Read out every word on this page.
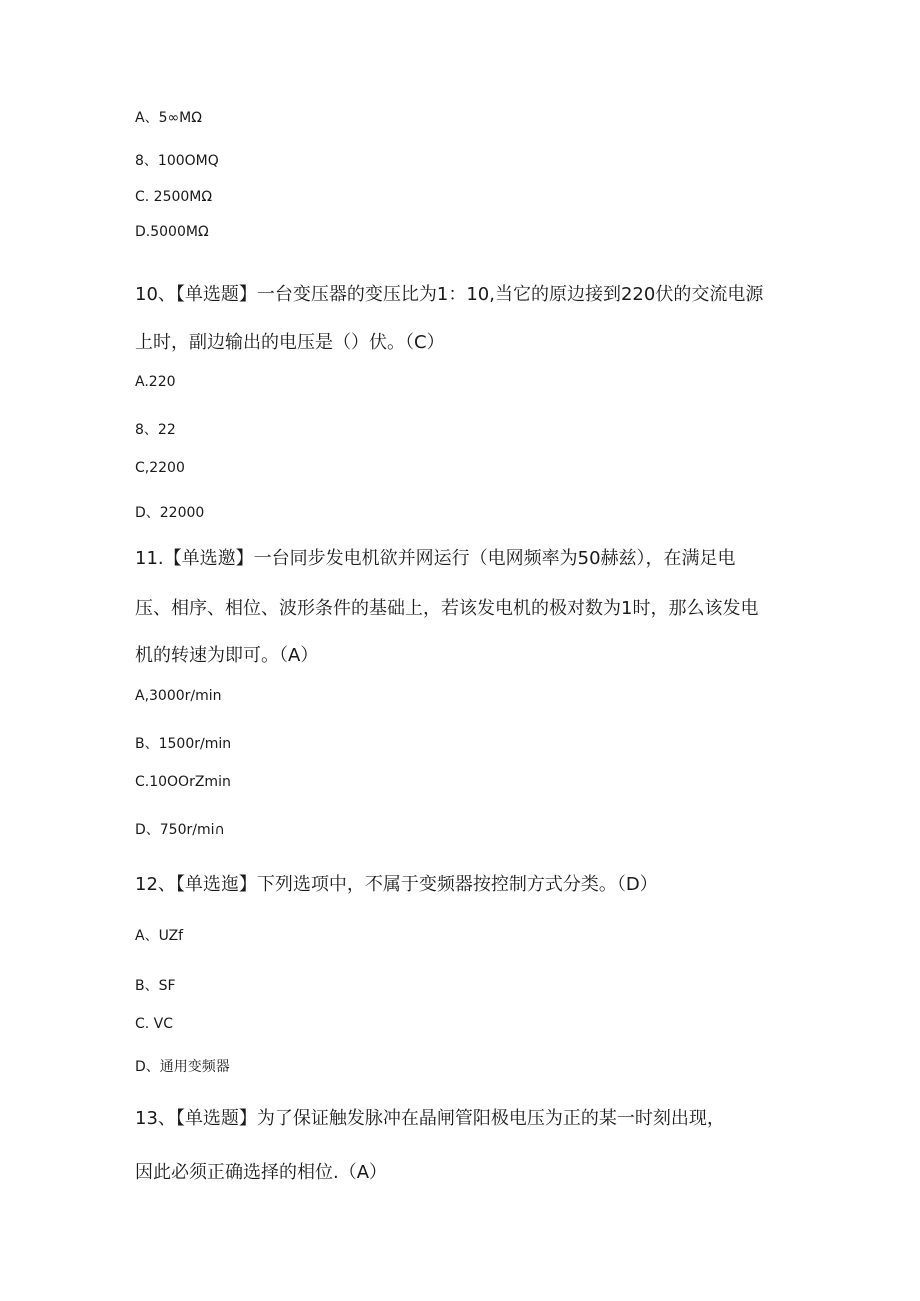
A、5∞MΩ
8、100OMQ
C. 2500MΩ
D.5000MΩ
10、【单选题】一台变压器的变压比为1：10,当它的原边接到220伏的交流电源
上时，副边输出的电压是（）伏。（C）
A.220
8、22
C,2200
D、22000
11.【单选邀】一台同步发电机欲并网运行（电网频率为50赫兹），在满足电
压、相序、相位、波形条件的基础上，若该发电机的极对数为1时，那么该发电
机的转速为即可。（A）
A,3000r∕min
B、1500r∕min
C.10OOrZmin
D、750r∕mi∩
12、【单选迤】下列选项中，不属于变频器按控制方式分类。（D）
A、UZf
B、SF
C. VC
D、通用变频器
13、【单选题】为了保证触发脉冲在晶闸管阳极电压为正的某一时刻出现，
因此必须正确选择的相位.（A）
